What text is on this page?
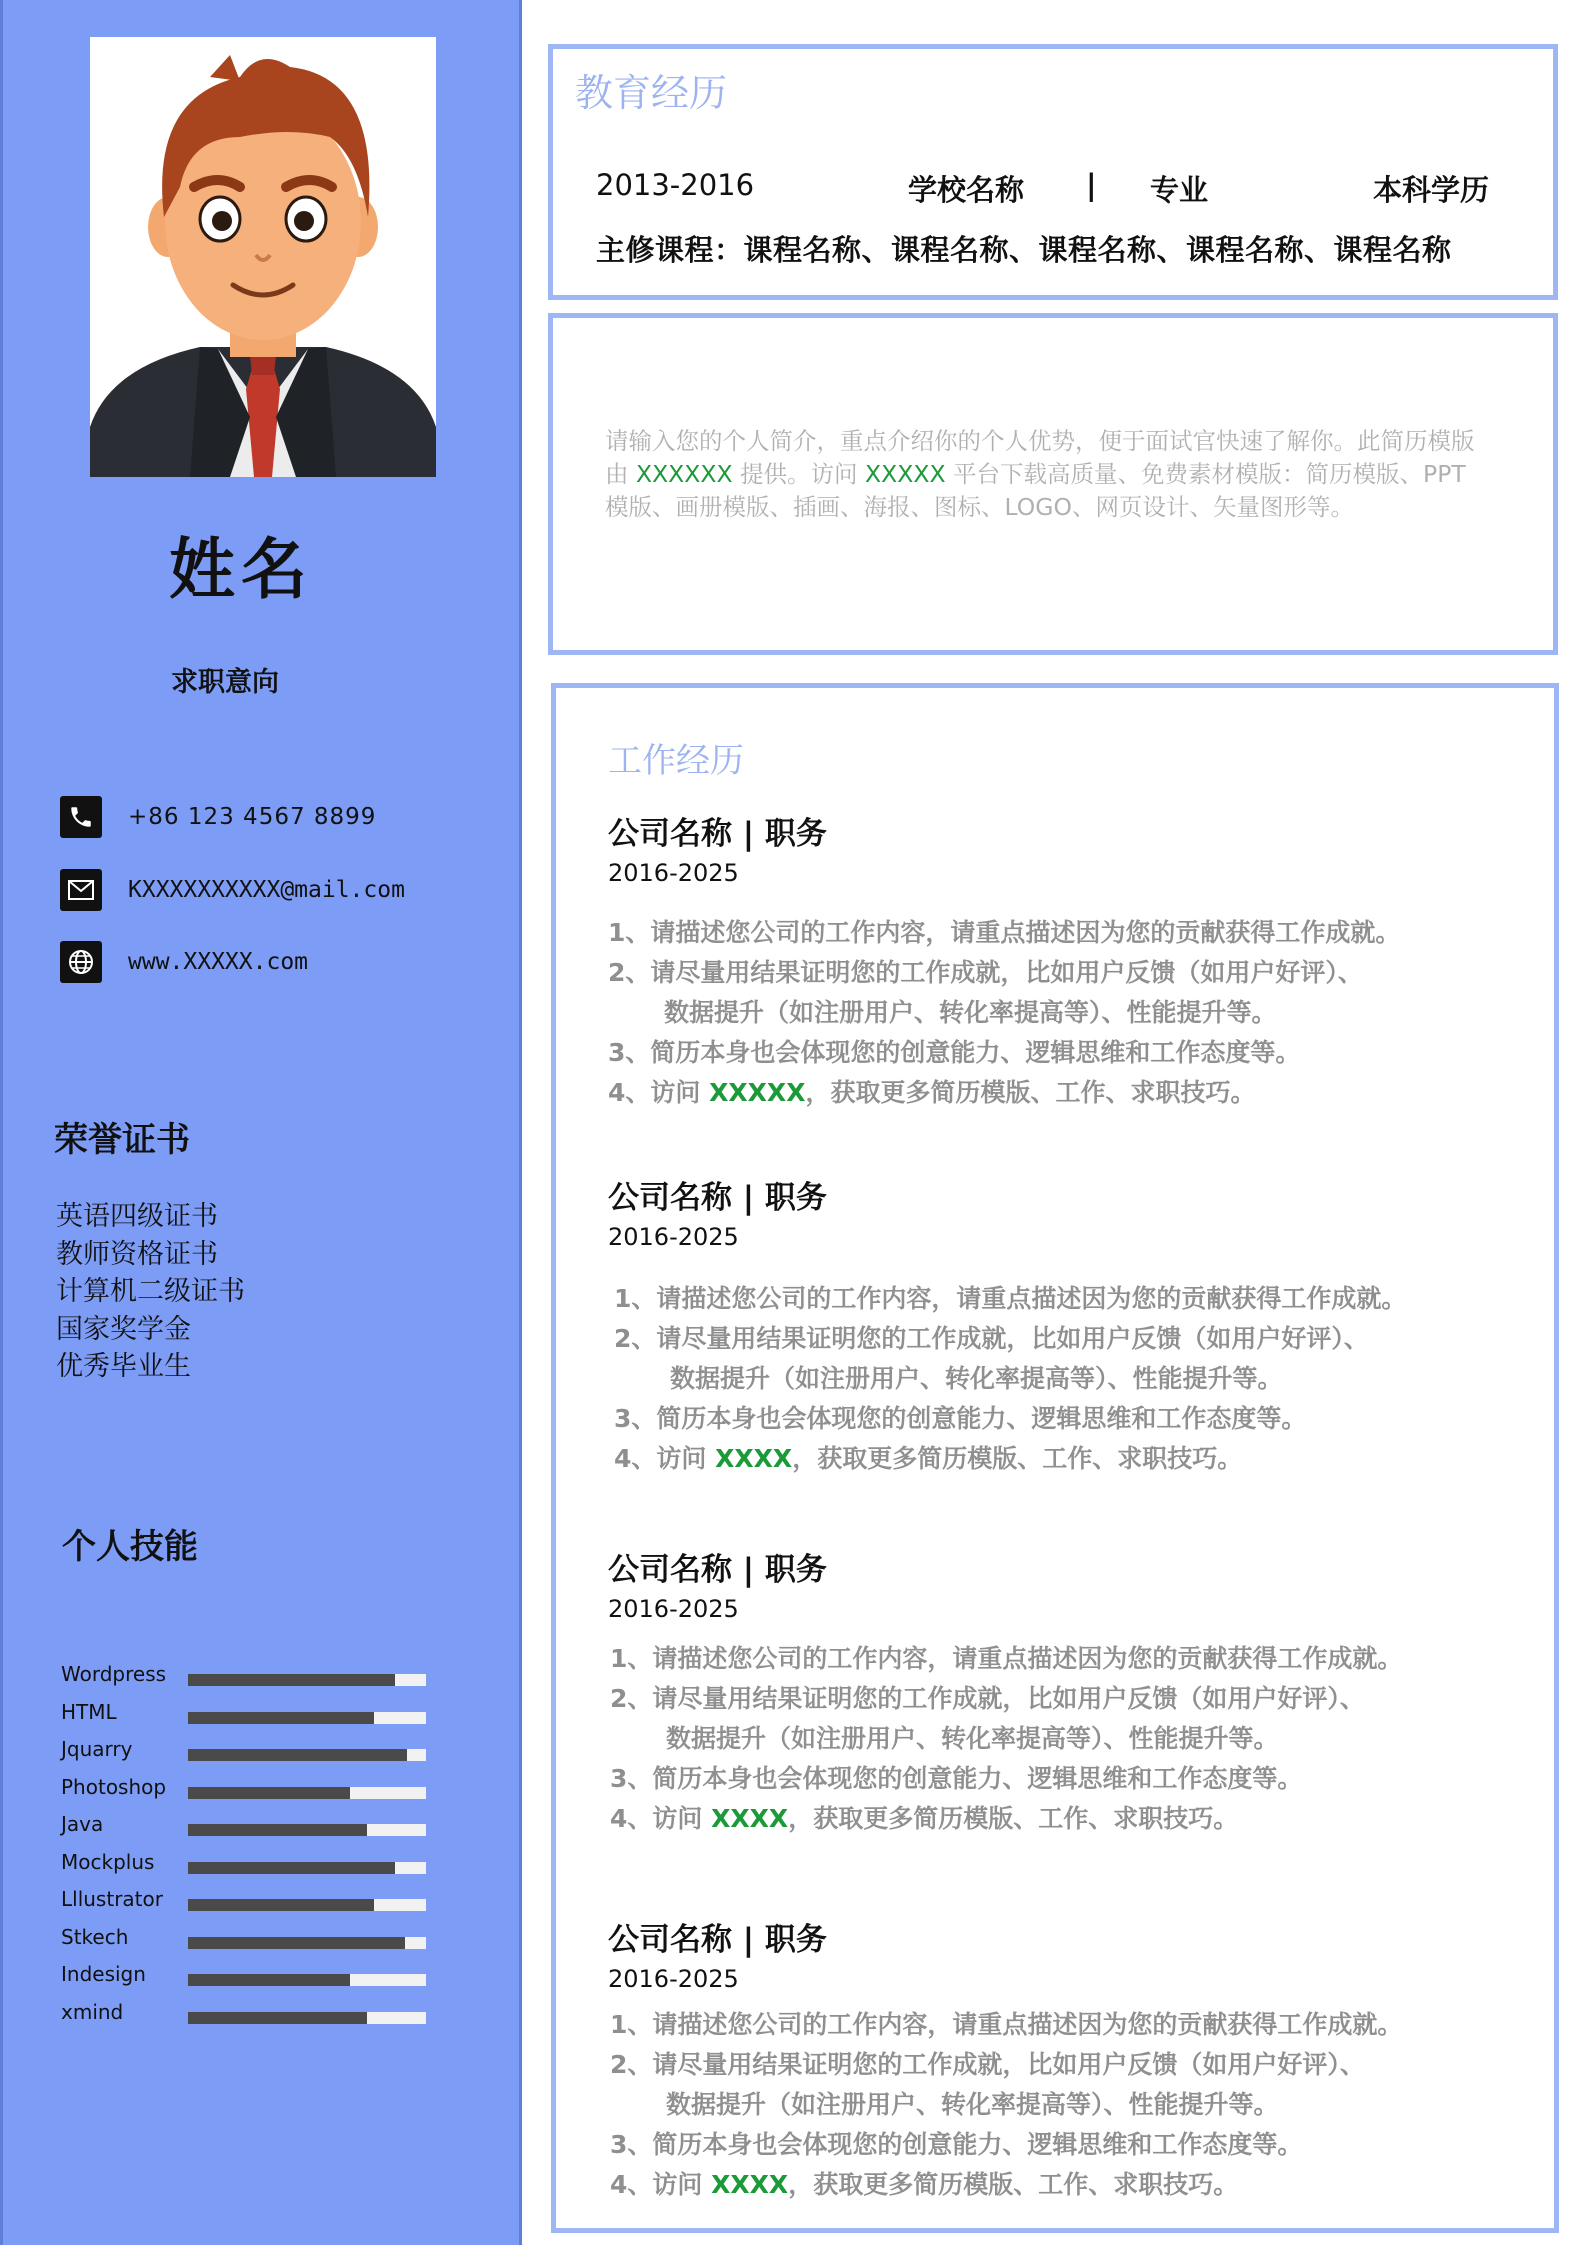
姓名
求职意向
+86 123 4567 8899
KXXXXXXXXXX@mail.com
www.XXXXX.com
荣誉证书
英语四级证书
教师资格证书
计算机二级证书
国家奖学金
优秀毕业生
个人技能
Wordpress
HTML
Jquarry
Photoshop
Java
Mockplus
Lllustrator
Stkech
Indesign
xmind
教育经历
2013-2016	学校名称 | 专业	本科学历
主修课程：课程名称、课程名称、课程名称、课程名称、课程名称
请输入您的个人简介，重点介绍你的个人优势，便于面试官快速了解你。此简历模版由 XXXXXX 提供。访问 XXXXX 平台下载高质量、免费素材模版：简历模版、PPT 模版、画册模版、插画、海报、图标、LOGO、网页设计、矢量图形等。
工作经历
公司名称 | 职务
2016-2025
1、请描述您公司的工作内容，请重点描述因为您的贡献获得工作成就。
2、请尽量用结果证明您的工作成就，比如用户反馈（如用户好评）、
数据提升（如注册用户、转化率提高等）、性能提升等。
3、简历本身也会体现您的创意能力、逻辑思维和工作态度等。
4、访问 XXXXX，获取更多简历模版、工作、求职技巧。
公司名称 | 职务
2016-2025
1、请描述您公司的工作内容，请重点描述因为您的贡献获得工作成就。
2、请尽量用结果证明您的工作成就，比如用户反馈（如用户好评）、
数据提升（如注册用户、转化率提高等）、性能提升等。
3、简历本身也会体现您的创意能力、逻辑思维和工作态度等。
4、访问 XXXX，获取更多简历模版、工作、求职技巧。
公司名称 | 职务
2016-2025
1、请描述您公司的工作内容，请重点描述因为您的贡献获得工作成就。
2、请尽量用结果证明您的工作成就，比如用户反馈（如用户好评）、
数据提升（如注册用户、转化率提高等）、性能提升等。
3、简历本身也会体现您的创意能力、逻辑思维和工作态度等。
4、访问 XXXX，获取更多简历模版、工作、求职技巧。
公司名称 | 职务
2016-2025
1、请描述您公司的工作内容，请重点描述因为您的贡献获得工作成就。
2、请尽量用结果证明您的工作成就，比如用户反馈（如用户好评）、
数据提升（如注册用户、转化率提高等）、性能提升等。
3、简历本身也会体现您的创意能力、逻辑思维和工作态度等。
4、访问 XXXX，获取更多简历模版、工作、求职技巧。
